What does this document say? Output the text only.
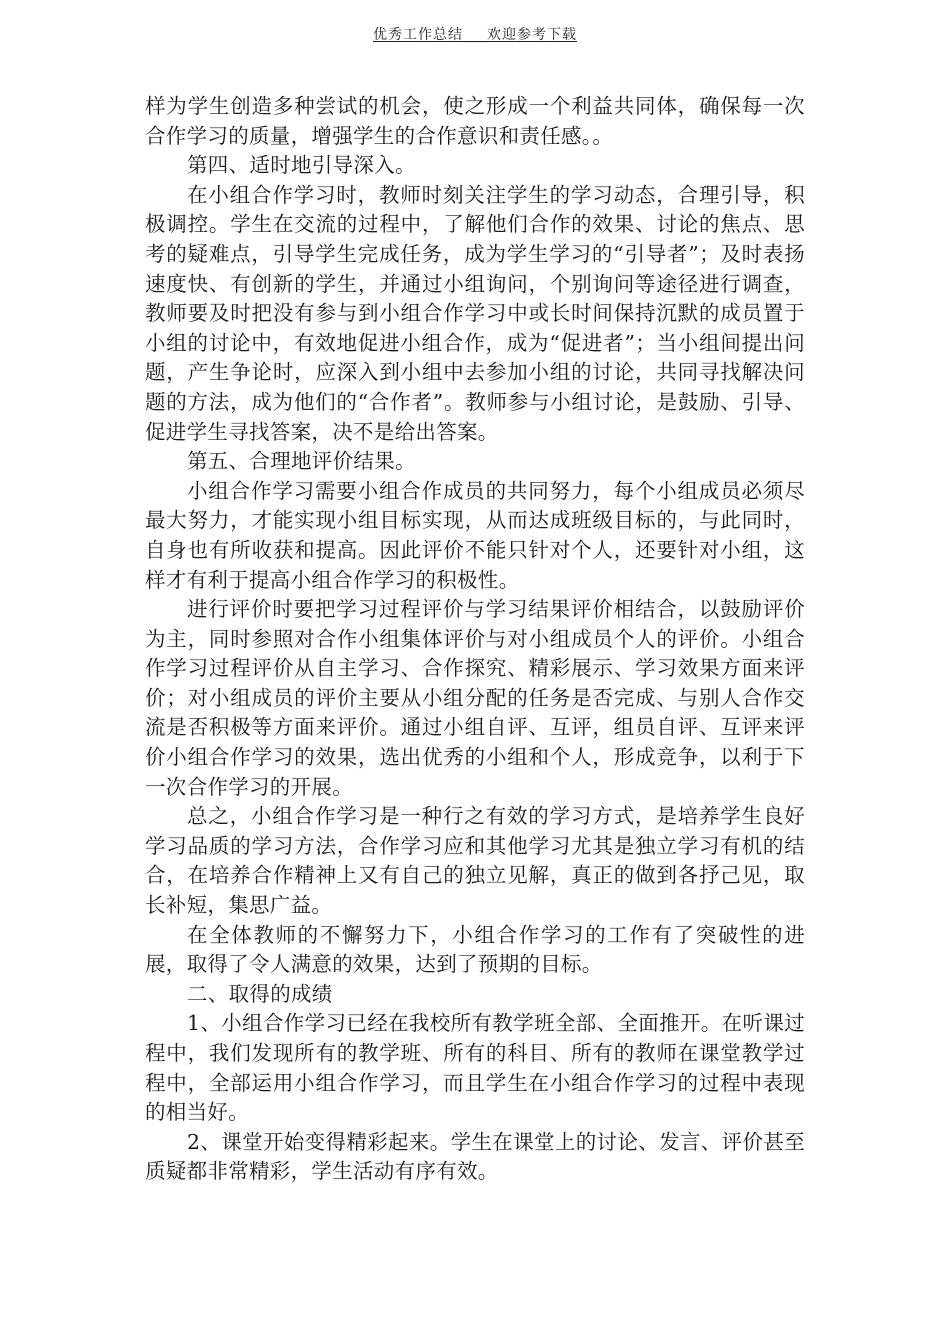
优秀工作总结___欢迎参考下载

样为学生创造多种尝试的机会，使之形成一个利益共同体，确保每一次合作学习的质量，增强学生的合作意识和责任感。。

第四、适时地引导深入。

在小组合作学习时，教师时刻关注学生的学习动态，合理引导，积极调控。学生在交流的过程中，了解他们合作的效果、讨论的焦点、思考的疑难点，引导学生完成任务，成为学生学习的“引导者”；及时表扬速度快、有创新的学生，并通过小组询问，个别询问等途径进行调查，教师要及时把没有参与到小组合作学习中或长时间保持沉默的成员置于小组的讨论中，有效地促进小组合作，成为“促进者”；当小组间提出问题，产生争论时，应深入到小组中去参加小组的讨论，共同寻找解决问题的方法，成为他们的“合作者”。教师参与小组讨论，是鼓励、引导、促进学生寻找答案，决不是给出答案。

第五、合理地评价结果。

小组合作学习需要小组合作成员的共同努力，每个小组成员必须尽最大努力，才能实现小组目标实现，从而达成班级目标的，与此同时，自身也有所收获和提高。因此评价不能只针对个人，还要针对小组，这样才有利于提高小组合作学习的积极性。

进行评价时要把学习过程评价与学习结果评价相结合，以鼓励评价为主，同时参照对合作小组集体评价与对小组成员个人的评价。小组合作学习过程评价从自主学习、合作探究、精彩展示、学习效果方面来评价；对小组成员的评价主要从小组分配的任务是否完成、与别人合作交流是否积极等方面来评价。通过小组自评、互评，组员自评、互评来评价小组合作学习的效果，选出优秀的小组和个人，形成竞争，以利于下一次合作学习的开展。

总之，小组合作学习是一种行之有效的学习方式，是培养学生良好学习品质的学习方法，合作学习应和其他学习尤其是独立学习有机的结合，在培养合作精神上又有自己的独立见解，真正的做到各抒己见，取长补短，集思广益。

在全体教师的不懈努力下，小组合作学习的工作有了突破性的进展，取得了令人满意的效果，达到了预期的目标。

二、取得的成绩

1、小组合作学习已经在我校所有教学班全部、全面推开。在听课过程中，我们发现所有的教学班、所有的科目、所有的教师在课堂教学过程中，全部运用小组合作学习，而且学生在小组合作学习的过程中表现的相当好。

2、课堂开始变得精彩起来。学生在课堂上的讨论、发言、评价甚至质疑都非常精彩，学生活动有序有效。
